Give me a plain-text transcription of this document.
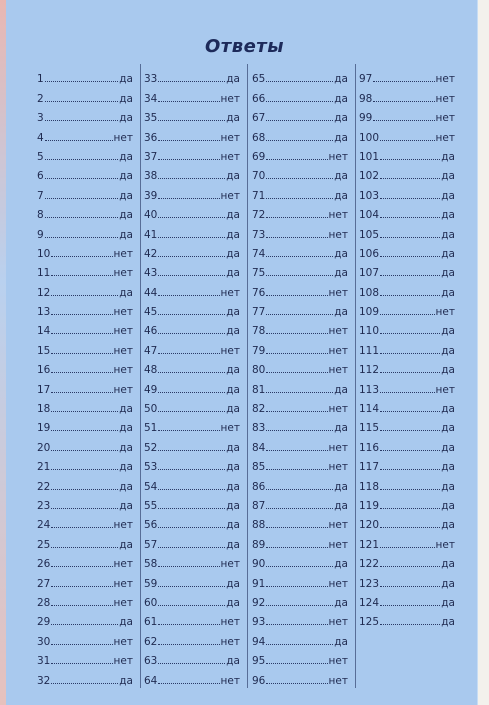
Ответы
1	да
2	да
3	да
4	нет
5	да
6	да
7	да
8	да
9	да
10	нет
11	нет
12	да
13	нет
14	нет
15	нет
16	нет
17	нет
18	да
19	да
20	да
21	да
22	да
23	да
24	нет
25	да
26	нет
27	нет
28	нет
29	да
30	нет
31	нет
32	да
33	да
34	нет
35	да
36	нет
37	нет
38	да
39	нет
40	да
41	да
42	да
43	да
44	нет
45	да
46	да
47	нет
48	да
49	да
50	да
51	нет
52	да
53	да
54	да
55	да
56	да
57	да
58	нет
59	да
60	да
61	нет
62	нет
63	да
64	нет
65	да
66	да
67	да
68	да
69	нет
70	да
71	да
72	нет
73	нет
74	да
75	да
76	нет
77	да
78	нет
79	нет
80	нет
81	да
82	нет
83	да
84	нет
85	нет
86	да
87	да
88	нет
89	нет
90	да
91	нет
92	да
93	нет
94	да
95	нет
96	нет
97	нет
98	нет
99	нет
100	нет
101	да
102	да
103	да
104	да
105	да
106	да
107	да
108	да
109	нет
110	да
111	да
112	да
113	нет
114	да
115	да
116	да
117	да
118	да
119	да
120	да
121	нет
122	да
123	да
124	да
125	да
